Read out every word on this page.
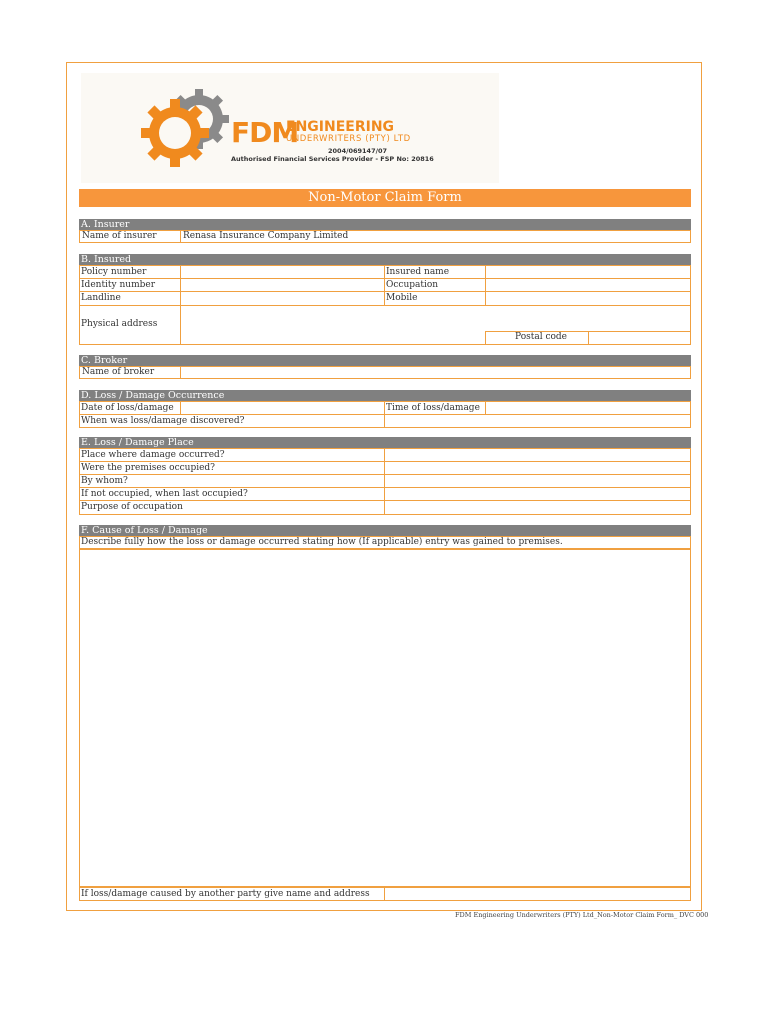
FDM
ENGINEERING
UNDERWRITERS (PTY) LTD
2004/069147/07
Authorised Financial Services Provider - FSP No: 20816
Non-Motor Claim Form
A. Insurer
Name of insurer	Renasa Insurance Company Limited
B. Insured
Policy number
Identity number
Landline
Insured name
Occupation
Mobile
Physical address
Postal code
C. Broker
Name of broker
D. Loss / Damage Occurrence
Date of loss/damage	Time of loss/damage
When was loss/damage discovered?
E. Loss / Damage Place
Place where damage occurred?
Were the premises occupied?
By whom?
If not occupied, when last occupied?
Purpose of occupation
F. Cause of Loss / Damage
Describe fully how the loss or damage occurred stating how (If applicable) entry was gained to premises.
If loss/damage caused by another party give name and address
FDM Engineering Underwriters (PTY) Ltd_Non-Motor Claim Form_ DVC 000
